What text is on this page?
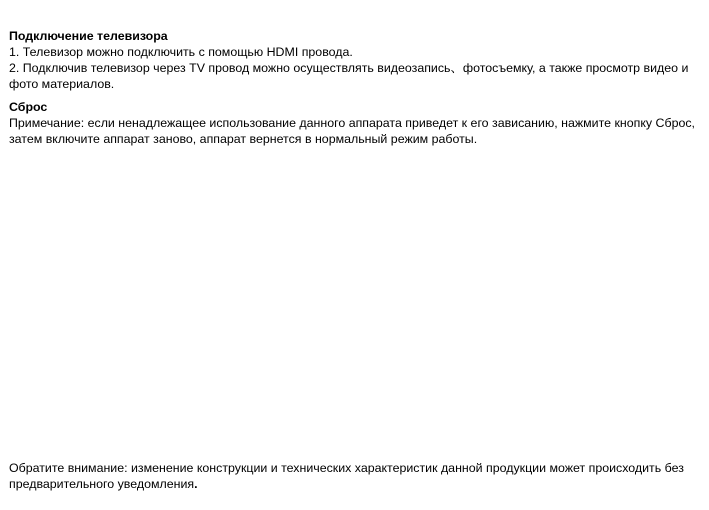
Подключение телевизора

1. Телевизор можно подключить с помощью HDMI провода.

2. Подключив телевизор через TV провод можно осуществлять видеозапись、фотосъемку, а также просмотр видео и фото материалов.

Сброс

Примечание: если ненадлежащее использование данного аппарата приведет к его зависанию, нажмите кнопку Сброс, затем включите аппарат заново, аппарат вернется в нормальный режим работы.

Обратите внимание: изменение конструкции и технических характеристик данной продукции может происходить без предварительного уведомления.
